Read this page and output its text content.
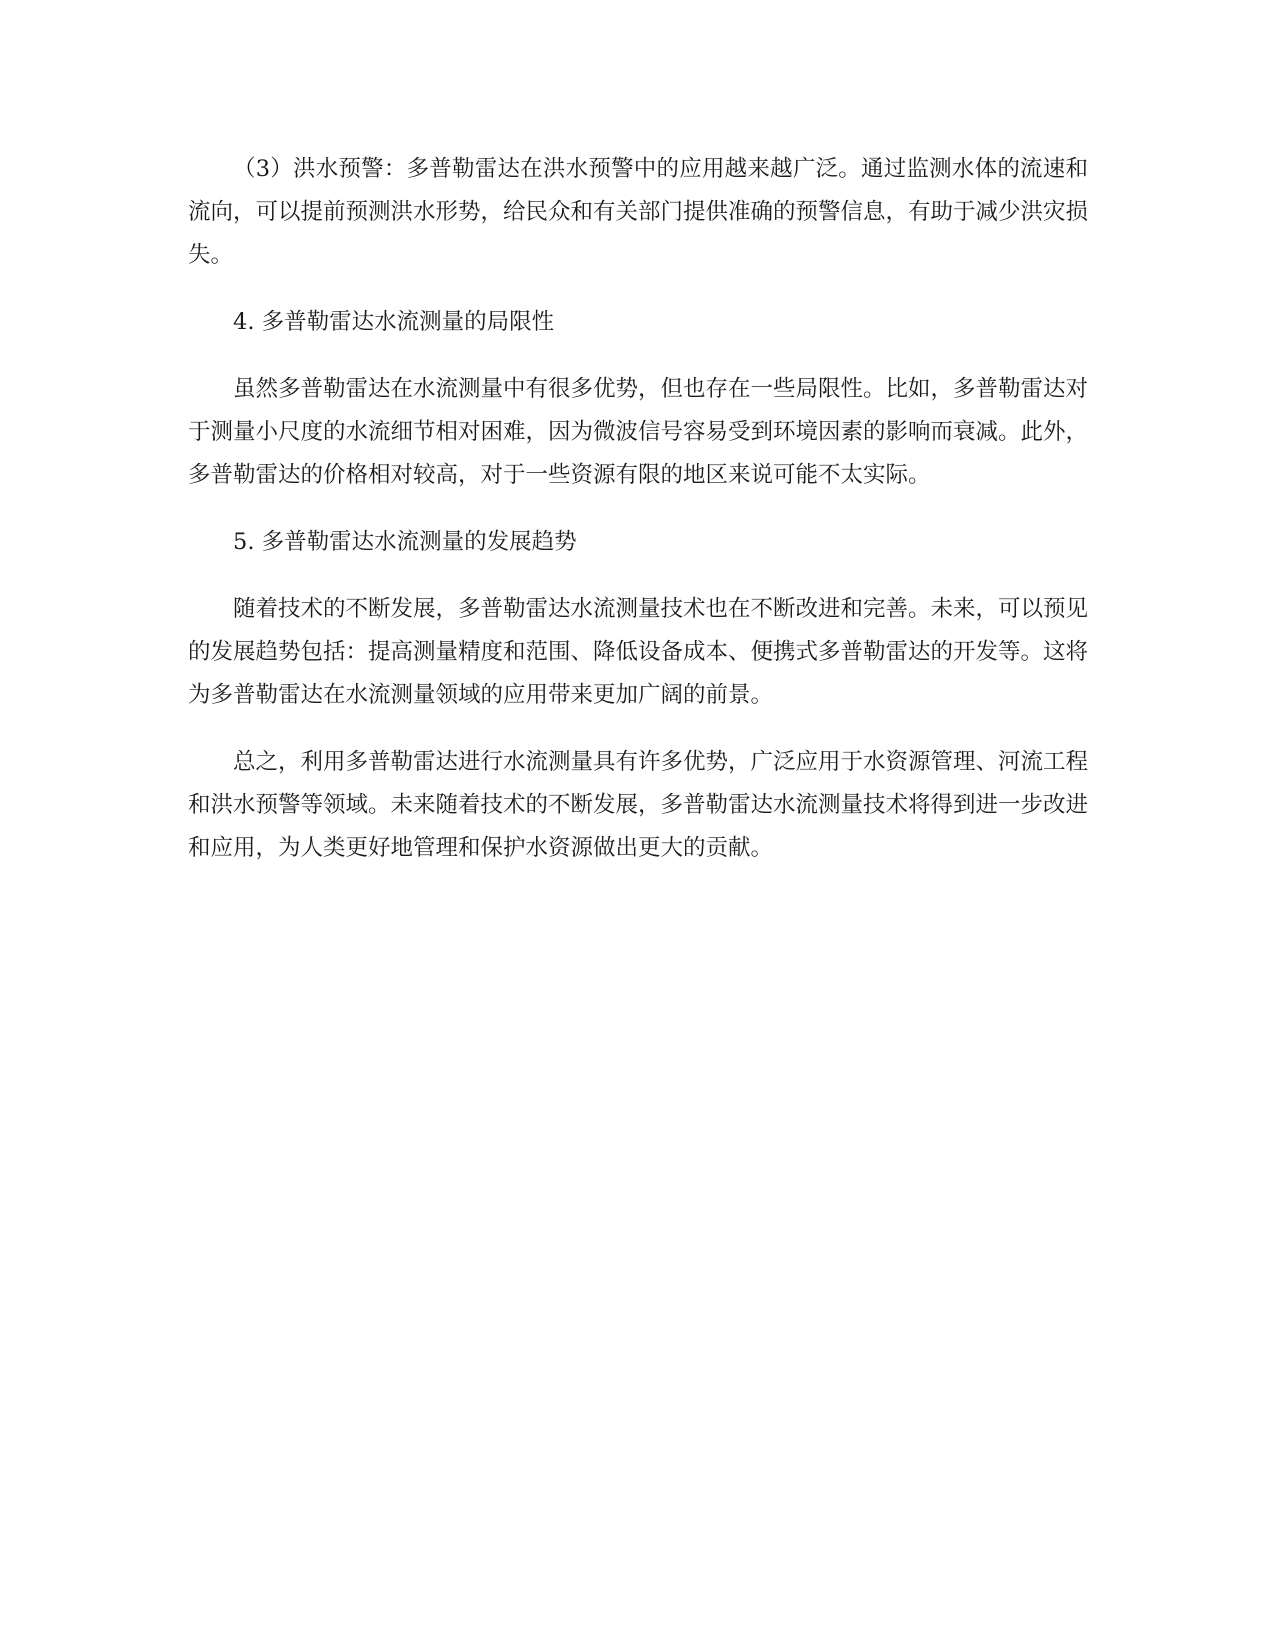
（3）洪水预警：多普勒雷达在洪水预警中的应用越来越广泛。通过监测水体的流速和流向，可以提前预测洪水形势，给民众和有关部门提供准确的预警信息，有助于减少洪灾损失。

4. 多普勒雷达水流测量的局限性

虽然多普勒雷达在水流测量中有很多优势，但也存在一些局限性。比如，多普勒雷达对于测量小尺度的水流细节相对困难，因为微波信号容易受到环境因素的影响而衰减。此外，多普勒雷达的价格相对较高，对于一些资源有限的地区来说可能不太实际。

5. 多普勒雷达水流测量的发展趋势

随着技术的不断发展，多普勒雷达水流测量技术也在不断改进和完善。未来，可以预见的发展趋势包括：提高测量精度和范围、降低设备成本、便携式多普勒雷达的开发等。这将为多普勒雷达在水流测量领域的应用带来更加广阔的前景。

总之，利用多普勒雷达进行水流测量具有许多优势，广泛应用于水资源管理、河流工程和洪水预警等领域。未来随着技术的不断发展，多普勒雷达水流测量技术将得到进一步改进和应用，为人类更好地管理和保护水资源做出更大的贡献。
